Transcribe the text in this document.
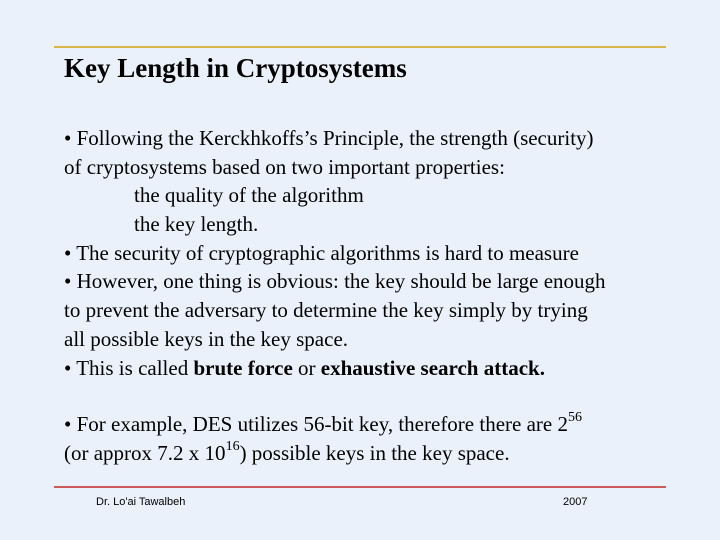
Key Length in Cryptosystems
• Following the Kerckhkoffs’s Principle, the strength (security)
of cryptosystems based on two important properties:
the quality of the algorithm
the key length.
• The security of cryptographic algorithms is hard to measure
• However, one thing is obvious: the key should be large enough
to prevent the adversary to determine the key simply by trying
all possible keys in the key space.
• This is called brute force or exhaustive search attack.
• For example, DES utilizes 56-bit key, therefore there are $2^{56}$
(or approx 7.2 x $10^{16}$) possible keys in the key space.
Dr. Lo'ai Tawalbeh	2007
